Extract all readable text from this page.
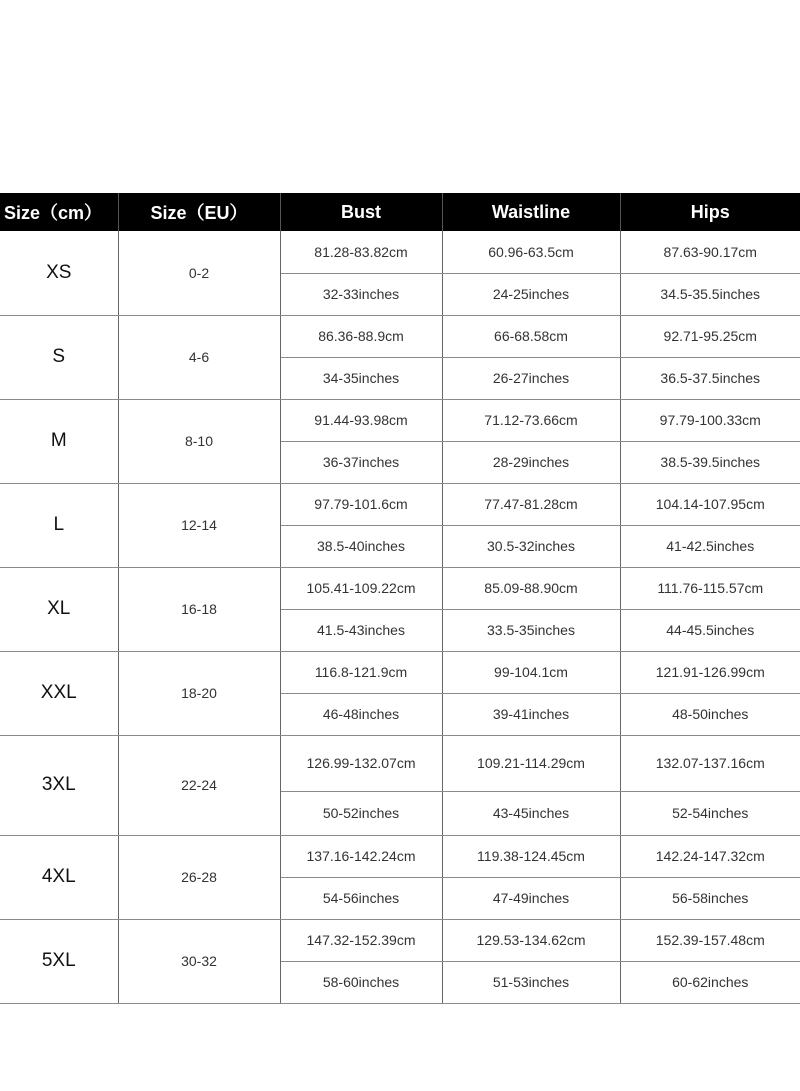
Size（cm）	Size（EU）	Bust	Waistline	Hips
XS	0-2	81.28-83.82cm	60.96-63.5cm	87.63-90.17cm
		32-33inches	24-25inches	34.5-35.5inches
S	4-6	86.36-88.9cm	66-68.58cm	92.71-95.25cm
		34-35inches	26-27inches	36.5-37.5inches
M	8-10	91.44-93.98cm	71.12-73.66cm	97.79-100.33cm
		36-37inches	28-29inches	38.5-39.5inches
L	12-14	97.79-101.6cm	77.47-81.28cm	104.14-107.95cm
		38.5-40inches	30.5-32inches	41-42.5inches
XL	16-18	105.41-109.22cm	85.09-88.90cm	111.76-115.57cm
		41.5-43inches	33.5-35inches	44-45.5inches
XXL	18-20	116.8-121.9cm	99-104.1cm	121.91-126.99cm
		46-48inches	39-41inches	48-50inches
3XL	22-24	126.99-132.07cm	109.21-114.29cm	132.07-137.16cm
		50-52inches	43-45inches	52-54inches
4XL	26-28	137.16-142.24cm	119.38-124.45cm	142.24-147.32cm
		54-56inches	47-49inches	56-58inches
5XL	30-32	147.32-152.39cm	129.53-134.62cm	152.39-157.48cm
		58-60inches	51-53inches	60-62inches
